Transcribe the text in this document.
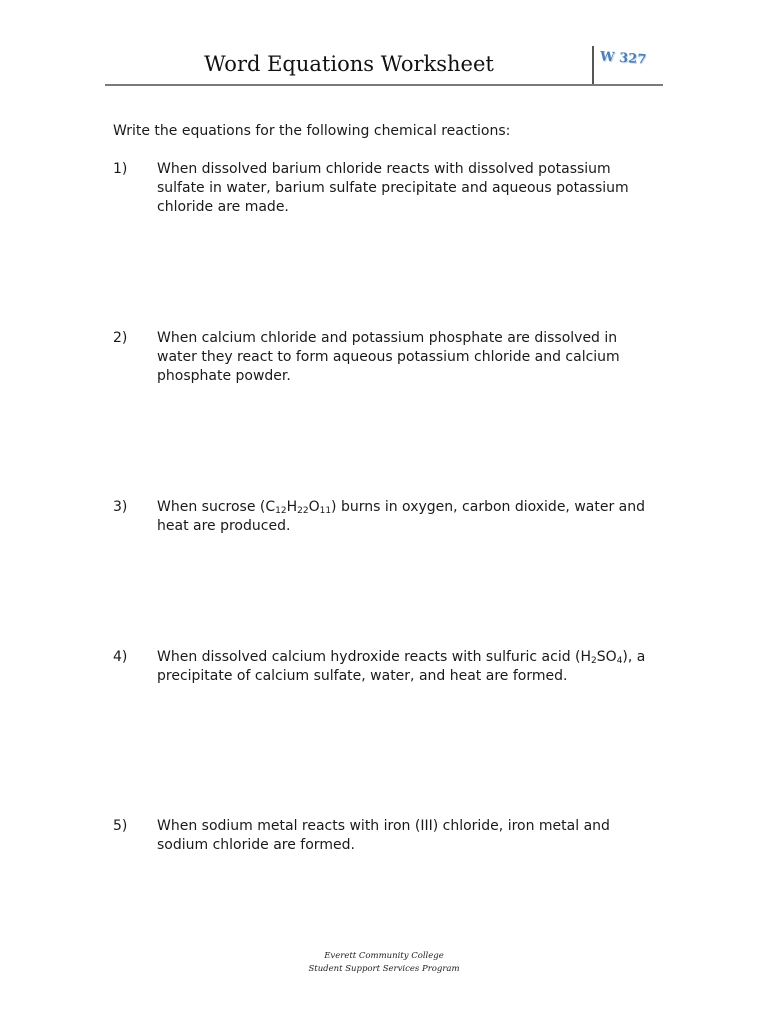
Word Equations Worksheet	W 327
Write the equations for the following chemical reactions:
1) When dissolved barium chloride reacts with dissolved potassium sulfate in water, barium sulfate precipitate and aqueous potassium chloride are made.
2) When calcium chloride and potassium phosphate are dissolved in water they react to form aqueous potassium chloride and calcium phosphate powder.
3) When sucrose $(C_{12}H_{22}O_{11})$ burns in oxygen, carbon dioxide, water and heat are produced.
4) When dissolved calcium hydroxide reacts with sulfuric acid $(H_2SO_4)$, a precipitate of calcium sulfate, water, and heat are formed.
5) When sodium metal reacts with iron (III) chloride, iron metal and sodium chloride are formed.
Everett Community College
Student Support Services Program
